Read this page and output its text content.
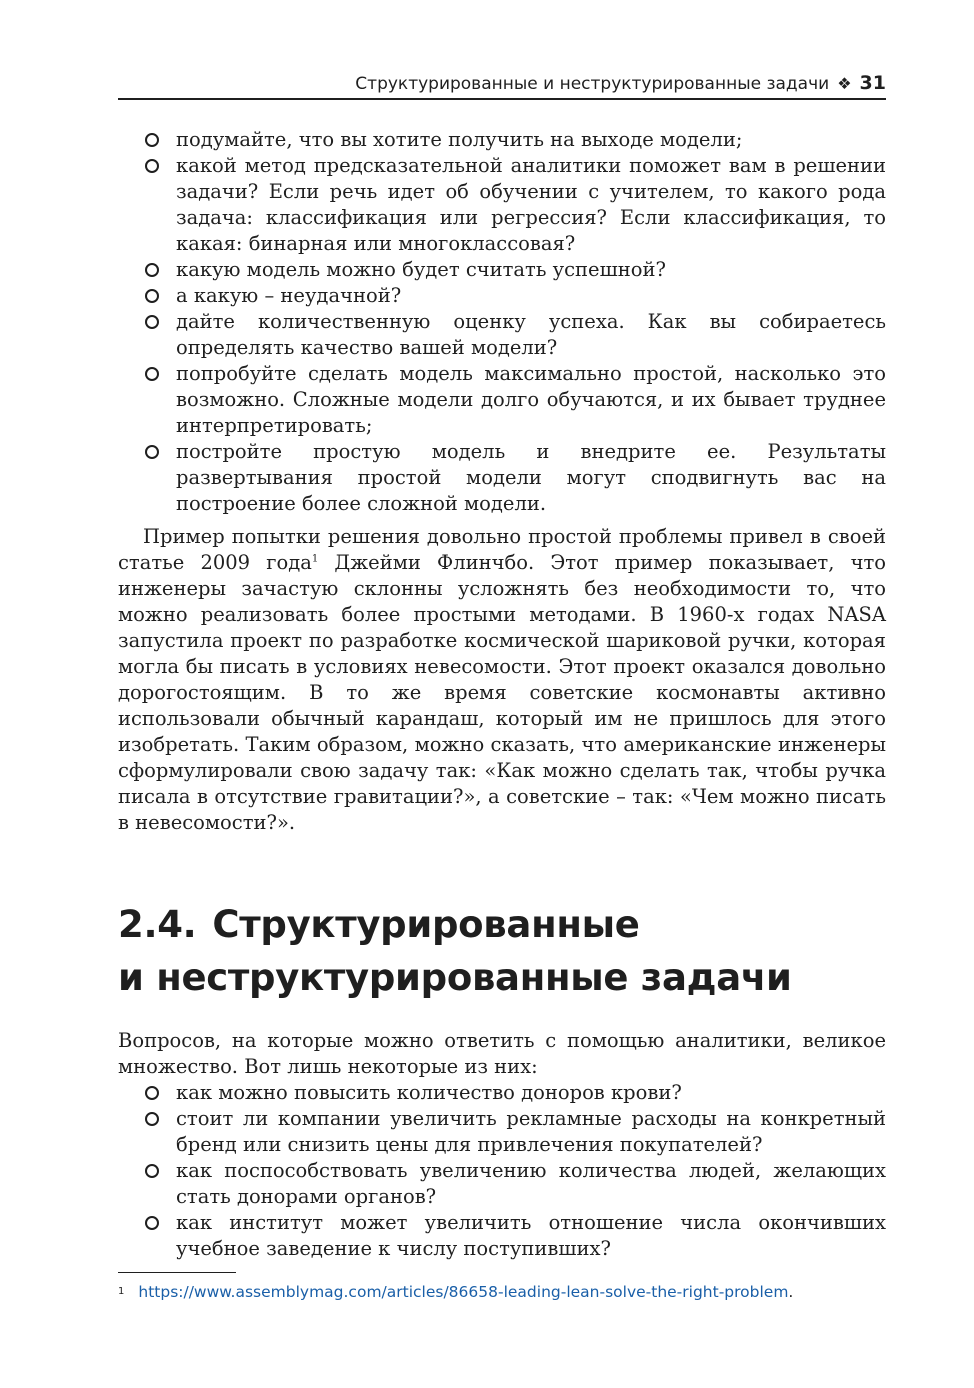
Структурированные и неструктурированные задачи ❖ 31
подумайте, что вы хотите получить на выходе модели;
какой метод предсказательной аналитики поможет вам в решении задачи? Если речь идет об обучении с учителем, то какого рода задача: классификация или регрессия? Если классификация, то какая: бинарная или многоклассовая?
какую модель можно будет считать успешной?
а какую – неудачной?
дайте количественную оценку успеха. Как вы собираетесь определять качество вашей модели?
попробуйте сделать модель максимально простой, насколько это возможно. Сложные модели долго обучаются, и их бывает труднее интерпретировать;
постройте простую модель и внедрите ее. Результаты развертывания простой модели могут сподвигнуть вас на построение более сложной модели.

Пример попытки решения довольно простой проблемы привел в своей статье 2009 года$^1$ Джейми Флинчбо. Этот пример показывает, что инженеры зачастую склонны усложнять без необходимости то, что можно реализовать более простыми методами. В 1960-х годах NASA запустила проект по разработке космической шариковой ручки, которая могла бы писать в условиях невесомости. Этот проект оказался довольно дорогостоящим. В то же время советские космонавты активно использовали обычный карандаш, который им не пришлось для этого изобретать. Таким образом, можно сказать, что американские инженеры сформулировали свою задачу так: «Как можно сделать так, чтобы ручка писала в отсутствие гравитации?», а советские – так: «Чем можно писать в невесомости?».

2.4. Структурированные
и неструктурированные задачи

Вопросов, на которые можно ответить с помощью аналитики, великое множество. Вот лишь некоторые из них:

как можно повысить количество доноров крови?
стоит ли компании увеличить рекламные расходы на конкретный бренд или снизить цены для привлечения покупателей?
как поспособствовать увеличению количества людей, желающих стать донорами органов?
как институт может увеличить отношение числа окончивших учебное заведение к числу поступивших?
$^1$ https://www.assemblymag.com/articles/86658-leading-lean-solve-the-right-problem.
